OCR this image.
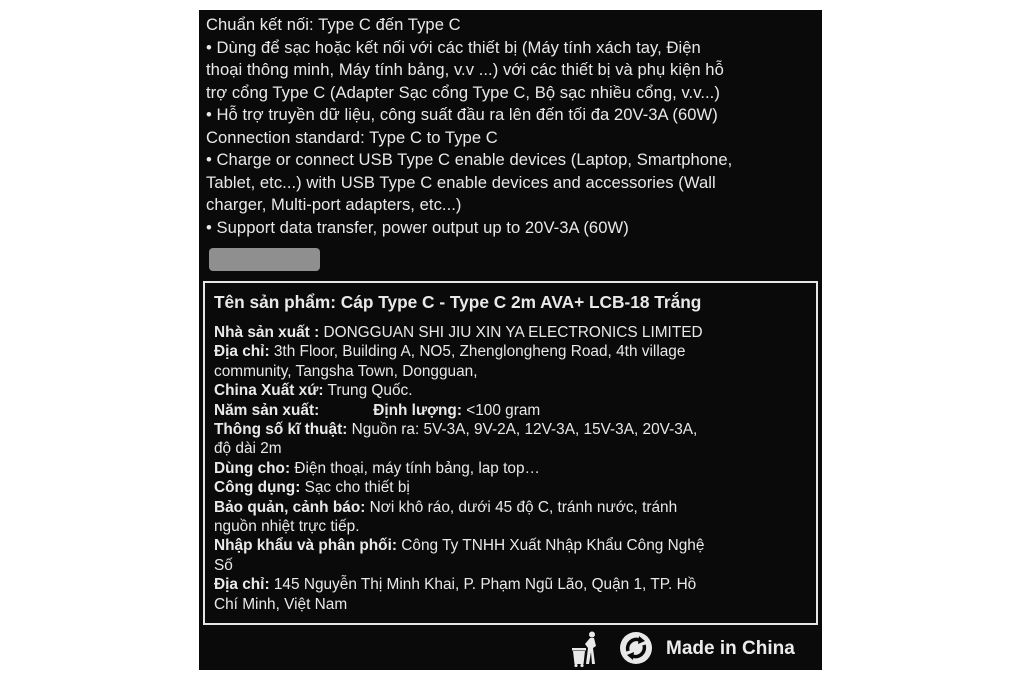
Chuẩn kết nối: Type C đến Type C
• Dùng để sạc hoặc kết nối với các thiết bị (Máy tính xách tay, Điện
thoại thông minh, Máy tính bảng, v.v ...) với các thiết bị và phụ kiện hỗ
trợ cổng Type C (Adapter Sạc cổng Type C, Bộ sạc nhiều cổng, v.v...)
• Hỗ trợ truyền dữ liệu, công suất đầu ra lên đến tối đa 20V-3A (60W)
Connection standard: Type C to Type C
• Charge or connect USB Type C enable devices (Laptop, Smartphone,
Tablet, etc...) with USB Type C enable devices and accessories (Wall
charger, Multi-port adapters, etc...)
• Support data transfer, power output up to 20V-3A (60W)
Tên sản phẩm: Cáp Type C - Type C 2m AVA+ LCB-18 Trắng
Nhà sản xuất : DONGGUAN SHI JIU XIN YA ELECTRONICS LIMITED
Địa chỉ: 3th Floor, Building A, NO5, Zhenglongheng Road, 4th village
community, Tangsha Town, Dongguan,
China Xuất xứ: Trung Quốc.
Năm sản xuất:	Định lượng: <100 gram
Thông số kĩ thuật: Nguồn ra: 5V-3A, 9V-2A, 12V-3A, 15V-3A, 20V-3A,
độ dài 2m
Dùng cho: Điện thoại, máy tính bảng, lap top…
Công dụng: Sạc cho thiết bị
Bảo quản, cảnh báo: Nơi khô ráo, dưới 45 độ C, tránh nước, tránh
nguồn nhiệt trực tiếp.
Nhập khẩu và phân phối: Công Ty TNHH Xuất Nhập Khẩu Công Nghệ
Số
Địa chỉ: 145 Nguyễn Thị Minh Khai, P. Phạm Ngũ Lão, Quận 1, TP. Hồ
Chí Minh, Việt Nam
Made in China
